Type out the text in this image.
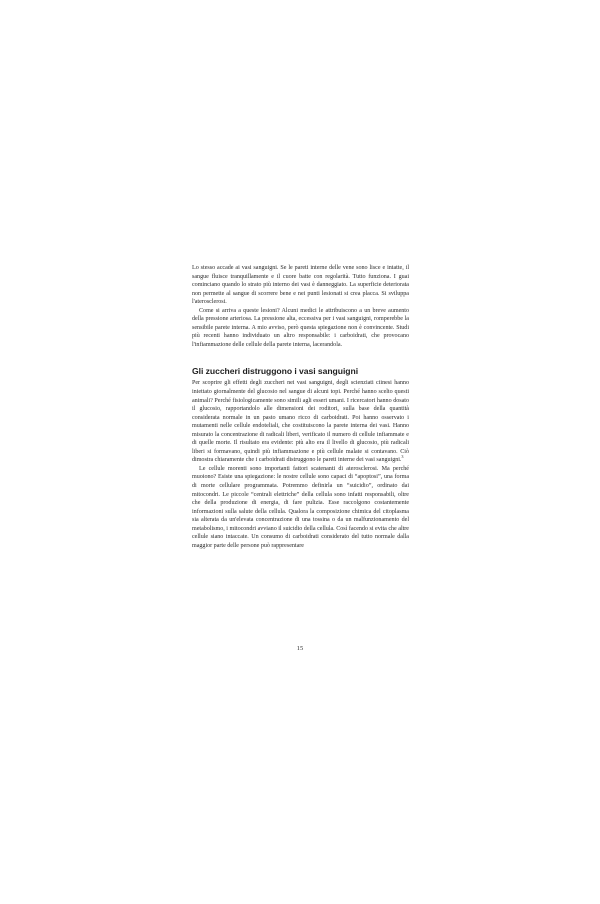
Lo stesso accade ai vasi sanguigni. Se le pareti interne delle vene sono lisce e intatte, il sangue fluisce tranquillamente e il cuore batte con regolarità. Tutto funziona. I guai cominciano quando lo strato più interno dei vasi è danneggiato. La superficie deteriorata non permette al sangue di scorrere bene e nei punti lesionati si crea placca. Si sviluppa l'aterosclerosi.

Come si arriva a queste lesioni? Alcuni medici le attribuiscono a un breve aumento della pressione arteriosa. La pressione alta, eccessiva per i vasi sanguigni, romperebbe la sensibile parete interna. A mio avviso, però questa spiegazione non è convincente. Studi più recenti hanno individuato un altro responsabile: i carboidrati, che provocano l'infiammazione delle cellule della parete interna, lacerandola.

Gli zuccheri distruggono i vasi sanguigni

Per scoprire gli effetti degli zuccheri nei vasi sanguigni, degli scienziati ciinesi hanno iniettato giornalmente del glucosio nel sangue di alcuni topi. Perché hanno scelto questi animali? Perché fisiologicamente sono simili agli esseri umani. I ricercatori hanno dosato il glucosio, rapportandolo alle dimensioni dei roditori, sulla base della quantità considerata normale in un pasto umano ricco di carboidrati. Poi hanno osservato i mutamenti nelle cellule endoteliali, che costituiscono la parete interna dei vasi. Hanno misurato la concentrazione di radicali liberi, verificato il numero di cellule infiammate e di quelle morte. Il risultato era evidente: più alto era il livello di glucosio, più radicali liberi si formavano, quindi più infiammazione e più cellule malate si contavano. Ciò dimostra chiaramente che i carboidrati distruggono le pareti interne dei vasi sanguigni.$^3$

Le cellule morenti sono importanti fattori scatenanti di aterosclerosi. Ma perché muoiono? Esiste una spiegazione: le nostre cellule sono capaci di “apoptosi”, una forma di morte cellulare programmata. Potremmo definirla un “suicidio”, ordinato dai mitocondri. Le piccole “centrali elettriche” della cellula sono infatti responsabili, oltre che della produzione di energia, di fare pulizia. Esse raccolgono costantemente informazioni sulla salute della cellula. Qualora la composizione chimica del citoplasma sia alterata da un'elevata concentrazione di una tossina o da un malfunzionamento del metabolismo, i mitocondri avviano il suicidio della cellula. Così facendo si evita che altre cellule siano intaccate. Un consumo di carboidrati considerato del tutto normale dalla maggior parte delle persone può rappresentare

15
